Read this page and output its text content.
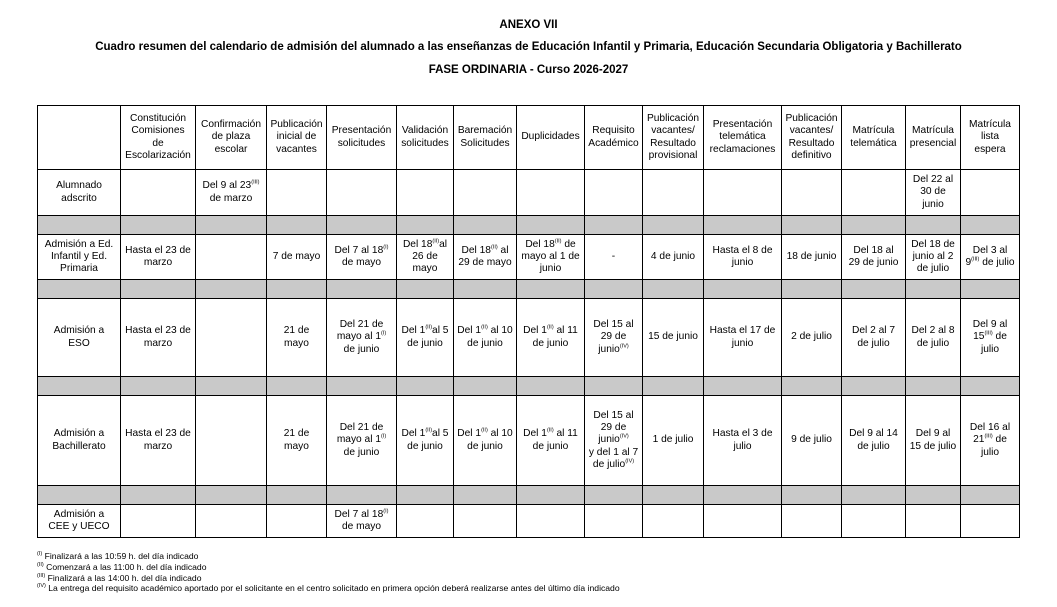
ANEXO VII
Cuadro resumen del calendario de admisión del alumnado a las enseñanzas de Educación Infantil y Primaria, Educación Secundaria Obligatoria y Bachillerato
FASE ORDINARIA - Curso 2026-2027
	Constitución
Comisiones
de
Escolarización	Confirmación
de plaza
escolar	Publicación
inicial de
vacantes	Presentación
solicitudes	Validación
solicitudes	Baremación
Solicitudes	Duplicidades	Requisito
Académico	Publicación
vacantes/
Resultado
provisional	Presentación
telemática
reclamaciones	Publicación
vacantes/
Resultado
definitivo	Matrícula
telemática	Matrícula
presencial	Matrícula
lista
espera
Alumnado
adscrito		Del 9 al $23^{(III)}$
de marzo											Del 22 al
30 de
junio	

Admisión a Ed.
Infantil y Ed.
Primaria	Hasta el 23 de
marzo		7 de mayo	Del 7 al $18^{(I)}$
de mayo	Del $18^{(II)}al$
26 de
mayo	Del $18^{(II)}$ al
29 de mayo	Del $18^{(II)}$ de
mayo al 1 de
junio	-	4 de junio	Hasta el 8 de
junio	18 de junio	Del 18 al
29 de junio	Del 18 de
junio al 2
de julio	Del 3 al
$9^{(III)}$ de julio

Admisión a
ESO	Hasta el 23 de
marzo		21 de
mayo	Del 21 de
mayo al $1^{(I)}$
de junio	Del $1^{(II)}al$ 5
de junio	Del $1^{(II)}$ al 10
de junio	Del $1^{(II)}$ al 11
de junio	Del 15 al
29 de
junio$^{(IV)}$	15 de junio	Hasta el 17 de
junio	2 de julio	Del 2 al 7
de julio	Del 2 al 8
de julio	Del 9 al
$15^{(III)}$ de
julio

Admisión a
Bachillerato	Hasta el 23 de
marzo		21 de
mayo	Del 21 de
mayo al $1^{(I)}$
de junio	Del $1^{(II)}al$ 5
de junio	Del $1^{(II)}$ al 10
de junio	Del $1^{(II)}$ al 11
de junio	Del 15 al
29 de
junio$^{(IV)}$
y del 1 al 7
de julio$^{(IV)}$	1 de julio	Hasta el 3 de
julio	9 de julio	Del 9 al 14
de julio	Del 9 al
15 de julio	Del 16 al
$21^{(III)}$ de
julio

Admisión a
CEE y UECO				Del 7 al $18^{(I)}$
de mayo										
$^{(I)}$ Finalizará a las 10:59 h. del día indicado
$^{(II)}$ Comenzará a las 11:00 h. del día indicado
$^{(III)}$ Finalizará a las 14:00 h. del día indicado
$^{(IV)}$ La entrega del requisito académico aportado por el solicitante en el centro solicitado en primera opción deberá realizarse antes del último día indicado
